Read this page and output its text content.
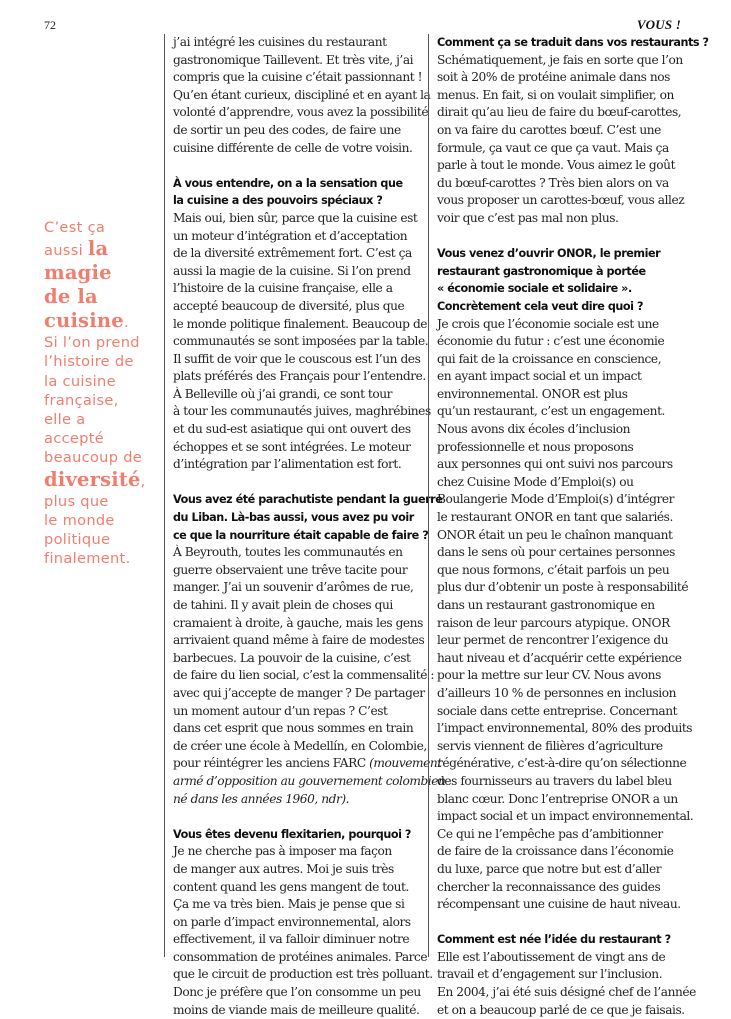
72	VOUS !
C’est ça
aussi la
magie
de la
cuisine.
Si l’on prend
l’histoire de
la cuisine
française,
elle a
accepté
beaucoup de
diversité,
plus que
le monde
politique
finalement.
j’ai intégré les cuisines du restaurant
gastronomique Taillevent. Et très vite, j’ai
compris que la cuisine c’était passionnant !
Qu’en étant curieux, discipliné et en ayant la
volonté d’apprendre, vous avez la possibilité
de sortir un peu des codes, de faire une
cuisine différente de celle de votre voisin.
À vous entendre, on a la sensation que
la cuisine a des pouvoirs spéciaux ?
Mais oui, bien sûr, parce que la cuisine est
un moteur d’intégration et d’acceptation
de la diversité extrêmement fort. C’est ça
aussi la magie de la cuisine. Si l’on prend
l’histoire de la cuisine française, elle a
accepté beaucoup de diversité, plus que
le monde politique finalement. Beaucoup de
communautés se sont imposées par la table.
Il suffit de voir que le couscous est l’un des
plats préférés des Français pour l’entendre.
À Belleville où j’ai grandi, ce sont tour
à tour les communautés juives, maghrébines
et du sud-est asiatique qui ont ouvert des
échoppes et se sont intégrées. Le moteur
d’intégration par l’alimentation est fort.
Vous avez été parachutiste pendant la guerre
du Liban. Là-bas aussi, vous avez pu voir
ce que la nourriture était capable de faire ?
À Beyrouth, toutes les communautés en
guerre observaient une trêve tacite pour
manger. J’ai un souvenir d’arômes de rue,
de tahini. Il y avait plein de choses qui
cramaient à droite, à gauche, mais les gens
arrivaient quand même à faire de modestes
barbecues. La pouvoir de la cuisine, c’est
de faire du lien social, c’est la commensalité :
avec qui j’accepte de manger ? De partager
un moment autour d’un repas ? C’est
dans cet esprit que nous sommes en train
de créer une école à Medellín, en Colombie,
pour réintégrer les anciens FARC (mouvement
armé d’opposition au gouvernement colombien
né dans les années 1960, ndr).
Vous êtes devenu flexitarien, pourquoi ?
Je ne cherche pas à imposer ma façon
de manger aux autres. Moi je suis très
content quand les gens mangent de tout.
Ça me va très bien. Mais je pense que si
on parle d’impact environnemental, alors
effectivement, il va falloir diminuer notre
consommation de protéines animales. Parce
que le circuit de production est très polluant.
Donc je préfère que l’on consomme un peu
moins de viande mais de meilleure qualité.
Comment ça se traduit dans vos restaurants ?
Schématiquement, je fais en sorte que l’on
soit à 20% de protéine animale dans nos
menus. En fait, si on voulait simplifier, on
dirait qu’au lieu de faire du bœuf-carottes,
on va faire du carottes bœuf. C’est une
formule, ça vaut ce que ça vaut. Mais ça
parle à tout le monde. Vous aimez le goût
du bœuf-carottes ? Très bien alors on va
vous proposer un carottes-bœuf, vous allez
voir que c’est pas mal non plus.
Vous venez d’ouvrir ONOR, le premier
restaurant gastronomique à portée
« économie sociale et solidaire ».
Concrètement cela veut dire quoi ?
Je crois que l’économie sociale est une
économie du futur : c’est une économie
qui fait de la croissance en conscience,
en ayant impact social et un impact
environnemental. ONOR est plus
qu’un restaurant, c’est un engagement.
Nous avons dix écoles d’inclusion
professionnelle et nous proposons
aux personnes qui ont suivi nos parcours
chez Cuisine Mode d’Emploi(s) ou
Boulangerie Mode d’Emploi(s) d’intégrer
le restaurant ONOR en tant que salariés.
ONOR était un peu le chaînon manquant
dans le sens où pour certaines personnes
que nous formons, c’était parfois un peu
plus dur d’obtenir un poste à responsabilité
dans un restaurant gastronomique en
raison de leur parcours atypique. ONOR
leur permet de rencontrer l’exigence du
haut niveau et d’acquérir cette expérience
pour la mettre sur leur CV. Nous avons
d’ailleurs 10 % de personnes en inclusion
sociale dans cette entreprise. Concernant
l’impact environnemental, 80% des produits
servis viennent de filières d’agriculture
régénérative, c’est-à-dire qu’on sélectionne
des fournisseurs au travers du label bleu
blanc cœur. Donc l’entreprise ONOR a un
impact social et un impact environnemental.
Ce qui ne l’empêche pas d’ambitionner
de faire de la croissance dans l’économie
du luxe, parce que notre but est d’aller
chercher la reconnaissance des guides
récompensant une cuisine de haut niveau.
Comment est née l’idée du restaurant ?
Elle est l’aboutissement de vingt ans de
travail et d’engagement sur l’inclusion.
En 2004, j’ai été suis désigné chef de l’année
et on a beaucoup parlé de ce que je faisais.
